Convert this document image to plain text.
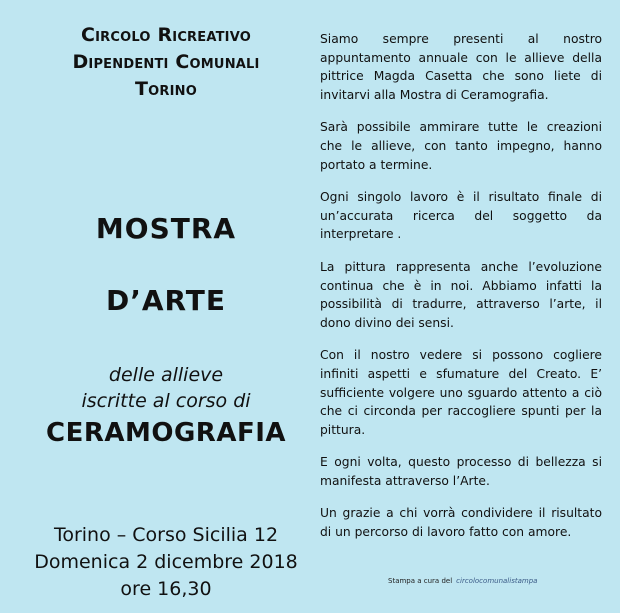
Circolo Ricreativo
Dipendenti Comunali
Torino
MOSTRA
D’ARTE
delle allieve
iscritte al corso di
CERAMOGRAFIA
Torino – Corso Sicilia 12
Domenica 2 dicembre 2018
ore 16,30

Siamo sempre presenti al nostro appuntamento annuale con le allieve della pittrice Magda Casetta che sono liete di invitarvi alla Mostra di Ceramografia.

Sarà possibile ammirare tutte le creazioni che le allieve, con tanto impegno, hanno portato a termine.

Ogni singolo lavoro è il risultato finale di un’accurata ricerca del soggetto da interpretare .

La pittura rappresenta anche l’evoluzione continua che è in noi. Abbiamo infatti la possibilità di tradurre, attraverso l’arte, il dono divino dei sensi.

Con il nostro vedere si possono cogliere infiniti aspetti e sfumature del Creato. E’ sufficiente volgere uno sguardo attento a ciò che ci circonda per raccogliere spunti per la pittura.

E ogni volta, questo processo di bellezza si manifesta attraverso l’Arte.

Un grazie a chi vorrà condividere il risultato di un percorso di lavoro fatto con amore.

Stampa a cura del circolocomunalistampa
